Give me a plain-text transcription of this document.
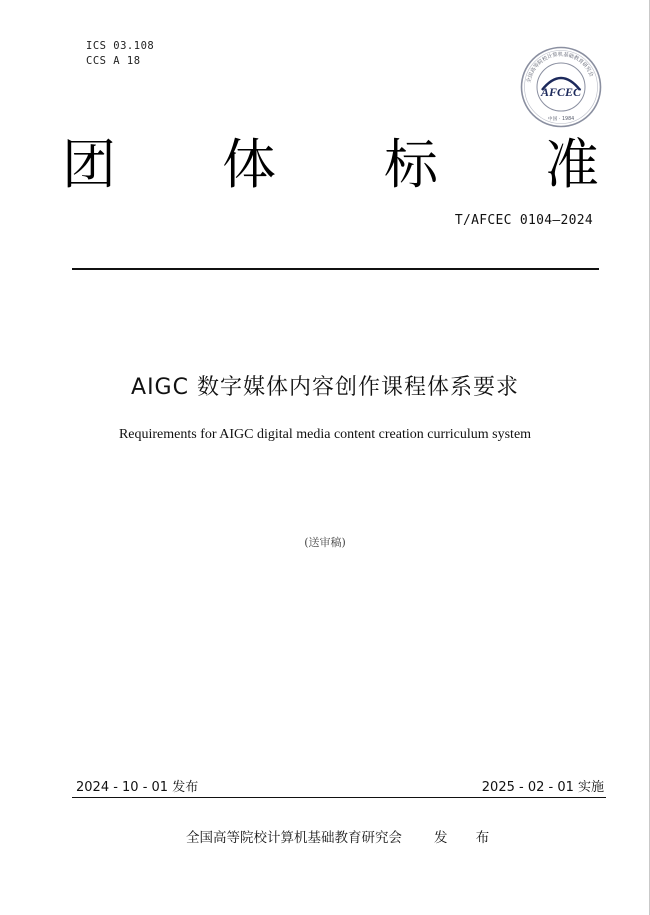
ICS 03.108
CCS A 18
全国高等院校计算机基础教育研究会
AFCEC
中国 · 1984
团 体 标 准
T/AFCEC 0104—2024
AIGC 数字媒体内容创作课程体系要求
Requirements for AIGC digital media content creation curriculum system
(送审稿)
2024 - 10 - 01 发布	2025 - 02 - 01 实施
全国高等院校计算机基础教育研究会 发 布
